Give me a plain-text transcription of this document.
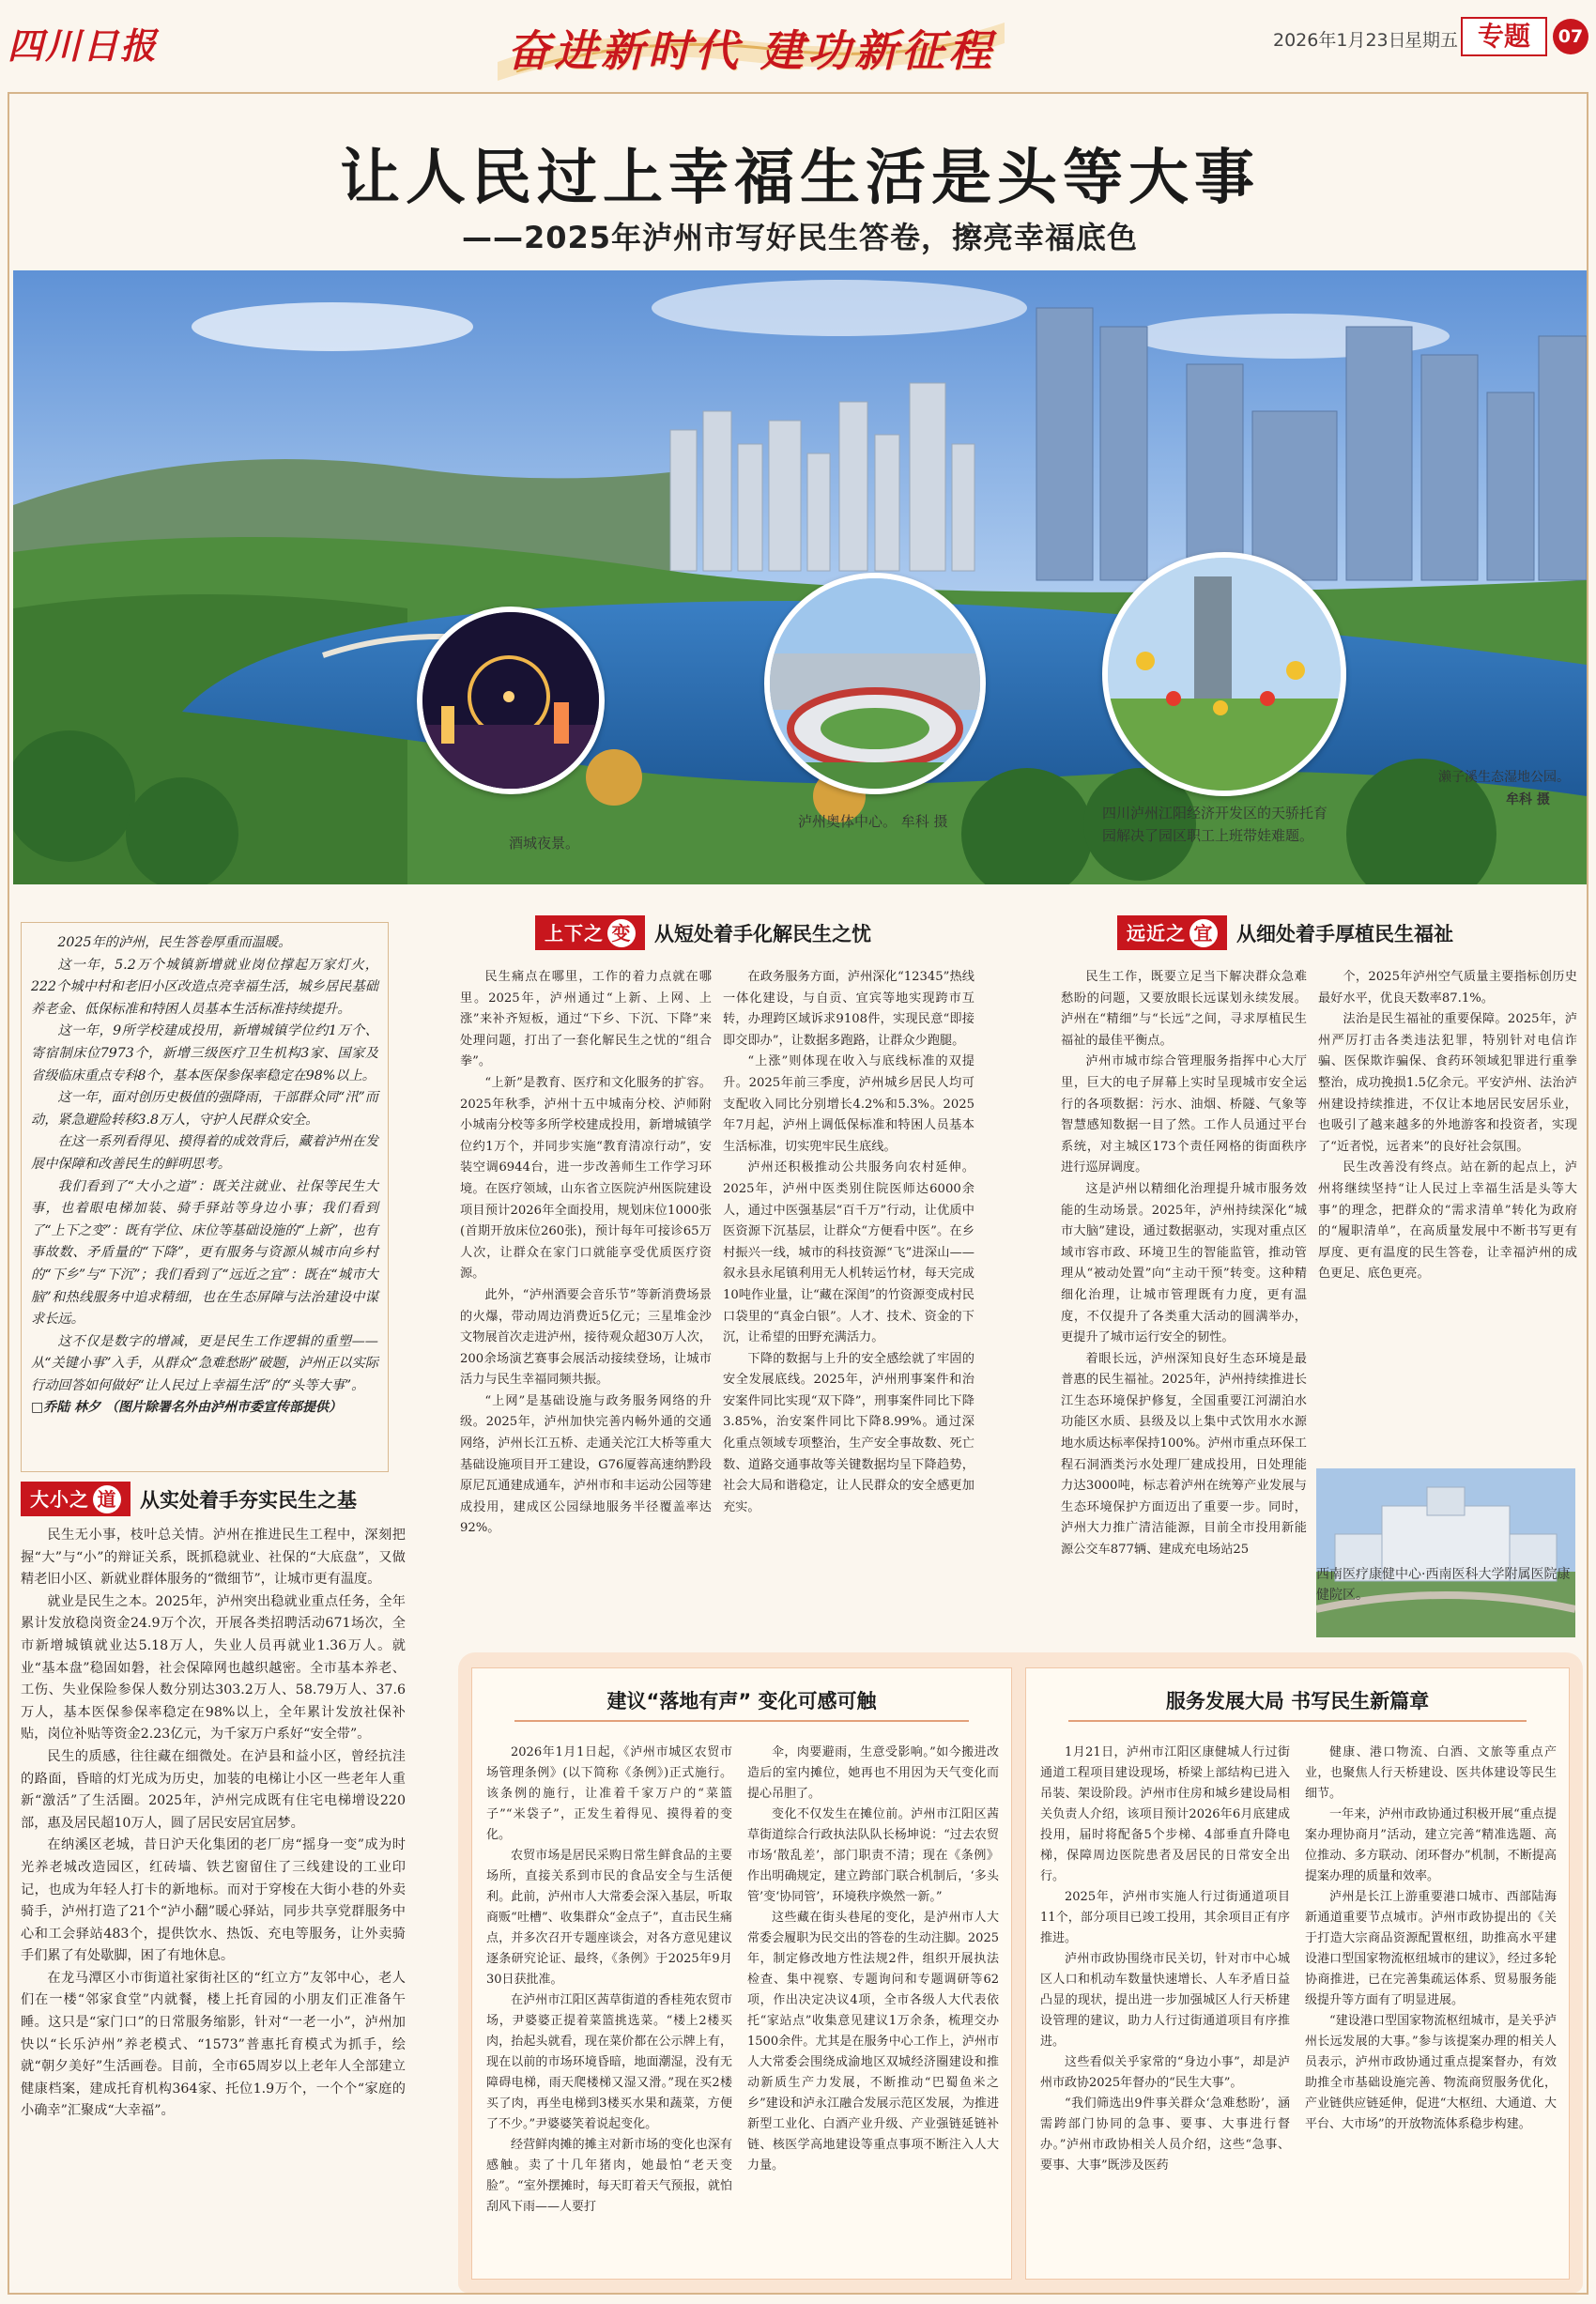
四川日报	奋进新时代 建功新征程	2026年1月23日
星期五 专题	07
让人民过上幸福生活是头等大事
——2025年泸州市写好民生答卷，擦亮幸福底色
酒城夜景。
泸州奥体中心。 牟科 摄	四川泸州江阳经济开发区的天骄托育园解决了园区职工上班带娃难题。
濑子溪生态湿地公园。
牟科 摄

2025年的泸州，民生答卷厚重而温暖。

这一年，5.2万个城镇新增就业岗位撑起万家灯火，222个城中村和老旧小区改造点亮幸福生活，城乡居民基础养老金、低保标准和特困人员基本生活标准持续提升。

这一年，9所学校建成投用，新增城镇学位约1万个、寄宿制床位7973个，新增三级医疗卫生机构3家、国家及省级临床重点专科8个，基本医保参保率稳定在98%以上。

这一年，面对创历史极值的强降雨，干部群众同“汛”而动，紧急避险转移3.8万人，守护人民群众安全。

在这一系列看得见、摸得着的成效背后，藏着泸州在发展中保障和改善民生的鲜明思考。

我们看到了“大小之道”：既关注就业、社保等民生大事，也着眼电梯加装、骑手驿站等身边小事；我们看到了“上下之变”：既有学位、床位等基础设施的“上新”，也有事故数、矛盾量的“下降”，更有服务与资源从城市向乡村的“下乡”与“下沉”；我们看到了“远近之宜”：既在“城市大脑”和热线服务中追求精细，也在生态屏障与法治建设中谋求长远。

这不仅是数字的增减，更是民生工作逻辑的重塑——从“关键小事”入手，从群众“急难愁盼”破题，泸州正以实际行动回答如何做好“让人民过上幸福生活”的“头等大事”。

□乔陆 林夕 （图片除署名外由泸州市委宣传部提供）

大小之 道	从实处着手夯实民生之基

民生无小事，枝叶总关情。泸州在推进民生工程中，深刻把握“大”与“小”的辩证关系，既抓稳就业、社保的“大底盘”，又做精老旧小区、新就业群体服务的“微细节”，让城市更有温度。

就业是民生之本。2025年，泸州突出稳就业重点任务，全年累计发放稳岗资金24.9万个次，开展各类招聘活动671场次，全市新增城镇就业达5.18万人，失业人员再就业1.36万人。就业“基本盘”稳固如磐，社会保障网也越织越密。全市基本养老、工伤、失业保险参保人数分别达303.2万人、58.79万人、37.6万人，基本医保参保率稳定在98%以上，全年累计发放社保补贴，岗位补贴等资金2.23亿元，为千家万户系好“安全带”。

民生的质感，往往藏在细微处。在泸县和益小区，曾经抗洼的路面，昏暗的灯光成为历史，加装的电梯让小区一些老年人重新“激活”了生活圈。2025年，泸州完成既有住宅电梯增设220部，惠及居民超10万人，圆了居民安居宜居梦。

在纳溪区老城，昔日沪天化集团的老厂房“摇身一变”成为时光养老城改造园区，红砖墙、铁艺窗留住了三线建设的工业印记，也成为年轻人打卡的新地标。而对于穿梭在大街小巷的外卖骑手，泸州打造了21个“泸小翻”暖心驿站，同步共享党群服务中心和工会驿站483个，提供饮水、热饭、充电等服务，让外卖骑手们累了有处歇脚，困了有地休息。

在龙马潭区小市街道社家街社区的“红立方”友邻中心，老人们在一楼“邻家食堂”内就餐，楼上托育园的小朋友们正准备午睡。这只是“家门口”的日常服务缩影，针对“一老一小”，泸州加快以“长乐泸州”养老模式、“1573”普惠托育模式为抓手，绘就“朝夕美好”生活画卷。目前，全市65周岁以上老年人全部建立健康档案，建成托育机构364家、托位1.9万个，一个个“家庭的小确幸”汇聚成“大幸福”。

上下之 变	从短处着手化解民生之忧

民生痛点在哪里，工作的着力点就在哪里。2025年，泸州通过“上新、上网、上涨”来补齐短板，通过“下乡、下沉、下降”来处理问题，打出了一套化解民生之忧的“组合拳”。

“上新”是教育、医疗和文化服务的扩容。2025年秋季，泸州十五中城南分校、泸师附小城南分校等多所学校建成投用，新增城镇学位约1万个，并同步实施“教育清凉行动”，安装空调6944台，进一步改善师生工作学习环境。在医疗领域，山东省立医院泸州医院建设项目预计2026年全面投用，规划床位1000张(首期开放床位260张)，预计每年可接诊65万人次，让群众在家门口就能享受优质医疗资源。

此外，“泸州酒要会音乐节”等新消费场景的火爆，带动周边消费近5亿元；三星堆金沙文物展首次走进泸州，接待观众超30万人次，200余场演艺赛事会展活动接续登场，让城市活力与民生幸福同频共振。

“上网”是基础设施与政务服务网络的升级。2025年，泸州加快完善内畅外通的交通网络，泸州长江五桥、走通关沱江大桥等重大基础设施项目开工建设，G76厦蓉高速纳黔段原尼瓦通建成通车，泸州市和丰运动公园等建成投用，建成区公园绿地服务半径覆盖率达92%。

在政务服务方面，泸州深化“12345”热线一体化建设，与自贡、宜宾等地实现跨市互转，办理跨区域诉求9108件，实现民意“即接即交即办”，让数据多跑路，让群众少跑腿。

“上涨”则体现在收入与底线标准的双提升。2025年前三季度，泸州城乡居民人均可支配收入同比分别增长4.2%和5.3%。2025年7月起，泸州上调低保标准和特困人员基本生活标准，切实兜牢民生底线。

泸州还积极推动公共服务向农村延伸。2025年，泸州中医类别住院医师达6000余人，通过中医强基层“百千万”行动，让优质中医资源下沉基层，让群众“方便看中医”。在乡村振兴一线，城市的科技资源“飞”进深山——叙永县永尾镇利用无人机转运竹材，每天完成10吨作业量，让“藏在深闺”的竹资源变成村民口袋里的“真金白银”。人才、技术、资金的下沉，让希望的田野充满活力。

下降的数据与上升的安全感绘就了牢固的安全发展底线。2025年，泸州刑事案件和治安案件同比实现“双下降”，刑事案件同比下降3.85%，治安案件同比下降8.99%。通过深化重点领域专项整治，生产安全事故数、死亡数、道路交通事故等关键数据均呈下降趋势，社会大局和谐稳定，让人民群众的安全感更加充实。

远近之 宜	从细处着手厚植民生福祉

民生工作，既要立足当下解决群众急难愁盼的问题，又要放眼长远谋划永续发展。泸州在“精细”与“长远”之间，寻求厚植民生福祉的最佳平衡点。

泸州市城市综合管理服务指挥中心大厅里，巨大的电子屏幕上实时呈现城市安全运行的各项数据：污水、油烟、桥隧、气象等智慧感知数据一目了然。工作人员通过平台系统，对主城区173个责任网格的街面秩序进行巡屏调度。

这是泸州以精细化治理提升城市服务效能的生动场景。2025年，泸州持续深化“城市大脑”建设，通过数据驱动，实现对重点区域市容市政、环境卫生的智能监管，推动管理从“被动处置”向“主动干预”转变。这种精细化治理，让城市管理既有力度，更有温度，不仅提升了各类重大活动的圆满举办，更提升了城市运行安全的韧性。

着眼长远，泸州深知良好生态环境是最普惠的民生福祉。2025年，泸州持续推进长江生态环境保护修复，全国重要江河湖泊水功能区水质、县级及以上集中式饮用水水源地水质达标率保持100%。泸州市重点环保工程石洞酒类污水处理厂建成投用，日处理能力达3000吨，标志着泸州在统筹产业发展与生态环境保护方面迈出了重要一步。同时，泸州大力推广清洁能源，目前全市投用新能源公交车877辆、建成充电场站25

个，2025年泸州空气质量主要指标创历史最好水平，优良天数率87.1%。

法治是民生福祉的重要保障。2025年，泸州严厉打击各类违法犯罪，特别针对电信诈骗、医保欺诈骗保、食药环领域犯罪进行重拳整治，成功挽损1.5亿余元。平安泸州、法治泸州建设持续推进，不仅让本地居民安居乐业，也吸引了越来越多的外地游客和投资者，实现了“近者悦，远者来”的良好社会氛围。

民生改善没有终点。站在新的起点上，泸州将继续坚持“让人民过上幸福生活是头等大事”的理念，把群众的“需求清单”转化为政府的“履职清单”，在高质量发展中不断书写更有厚度、更有温度的民生答卷，让幸福泸州的成色更足、底色更亮。

西南医疗康健中心·西南医科大学附属医院康健院区。
建议“落地有声” 变化可感可触

2026年1月1日起，《泸州市城区农贸市场管理条例》(以下简称《条例》)正式施行。该条例的施行，让准着千家万户的“菜篮子”“米袋子”，正发生着得见、摸得着的变化。

农贸市场是居民采购日常生鲜食品的主要场所，直接关系到市民的食品安全与生活便利。此前，泸州市人大常委会深入基层，听取商贩“吐槽”、收集群众“金点子”，直击民生痛点，并多次召开专题座谈会，对各方意见建议逐条研究论证、最终，《条例》于2025年9月30日获批准。

在泸州市江阳区茜草街道的香桂苑农贸市场，尹婆婆正提着菜篮挑选菜。“楼上2楼买肉，抬起头就看，现在菜价都在公示牌上有，现在以前的市场环境昏暗，地面潮湿，没有无障碍电梯，雨天爬楼梯又湿又滑。”现在买2楼买了肉，再坐电梯到3楼买水果和蔬菜，方便了不少。”尹婆婆笑着说起变化。

经营鲜肉摊的摊主对新市场的变化也深有感触。卖了十几年猪肉，她最怕“老天变脸”。“室外摆摊时，每天盯着天气预报，就怕刮风下雨——人要打

伞，肉要避雨，生意受影响。”如今搬进改造后的室内摊位，她再也不用因为天气变化而提心吊胆了。

变化不仅发生在摊位前。泸州市江阳区茜草街道综合行政执法队队长杨坤说：“过去农贸市场‘散乱差’，部门职责不清；现在《条例》作出明确规定，建立跨部门联合机制后，‘多头管’变‘协同管’，环境秩序焕然一新。”

这些藏在街头巷尾的变化，是泸州市人大常委会履职为民交出的答卷的生动注脚。2025年，制定修改地方性法规2件，组织开展执法检查、集中视察、专题询问和专题调研等62项，作出决定决议4项，全市各级人大代表依托“家站点”收集意见建议1万余条，梳理交办1500余件。尤其是在服务中心工作上，泸州市人大常委会围绕成渝地区双城经济圈建设和推动新质生产力发展，不断推动“巴蜀鱼米之乡”建设和泸永江融合发展示范区发展，为推进新型工业化、白酒产业升级、产业强链延链补链、核医学高地建设等重点事项不断注入人大力量。

服务发展大局 书写民生新篇章

1月21日，泸州市江阳区康健城人行过街通道工程项目建设现场，桥梁上部结构已进入吊装、架设阶段。泸州市住房和城乡建设局相关负责人介绍，该项目预计2026年6月底建成投用，届时将配备5个步梯、4部垂直升降电梯，保障周边医院患者及居民的日常安全出行。

2025年，泸州市实施人行过街通道项目11个，部分项目已竣工投用，其余项目正有序推进。

泸州市政协围绕市民关切，针对市中心城区人口和机动车数量快速增长、人车矛盾日益凸显的现状，提出进一步加强城区人行天桥建设管理的建议，助力人行过街通道项目有序推进。

这些看似关乎家常的“身边小事”，却是泸州市政协2025年督办的“民生大事”。

“我们筛选出9件事关群众‘急难愁盼’，涵需跨部门协同的急事、要事、大事进行督办。”泸州市政协相关人员介绍，这些“急事、要事、大事”既涉及医药

健康、港口物流、白酒、文旅等重点产业，也聚焦人行天桥建设、医共体建设等民生细节。

一年来，泸州市政协通过积极开展“重点提案办理协商月”活动，建立完善“精准选题、高位推动、多方联动、闭环督办”机制，不断提高提案办理的质量和效率。

泸州是长江上游重要港口城市、西部陆海新通道重要节点城市。泸州市政协提出的《关于打造大宗商品资源配置枢纽，助推高水平建设港口型国家物流枢纽城市的建议》，经过多轮协商推进，已在完善集疏运体系、贸易服务能级提升等方面有了明显进展。

“建设港口型国家物流枢纽城市，是关乎泸州长远发展的大事。”参与该提案办理的相关人员表示，泸州市政协通过重点提案督办，有效助推全市基础设施完善、物流商贸服务优化，产业链供应链延伸，促进“大枢纽、大通道、大平台、大市场”的开放物流体系稳步构建。
